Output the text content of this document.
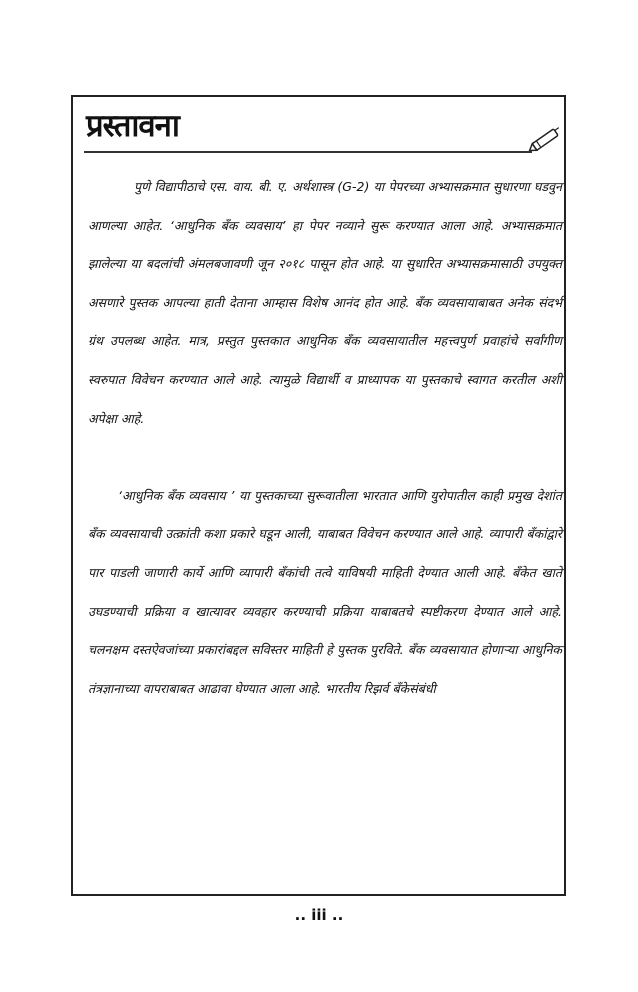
प्रस्तावना

पुणे विद्यापीठाचे एस. वाय. बी. ए. अर्थशास्त्र (G-2) या पेपरच्या अभ्यासक्रमात सुधारणा घडवुन आणल्या आहेत. ‘आधुनिक बँक व्यवसाय’ हा पेपर नव्याने सुरू करण्यात आला आहे. अभ्यासक्रमात झालेल्या या बदलांची अंमलबजावणी जून २०१८ पासून होत आहे. या सुधारित अभ्यासक्रमासाठी उपयुक्त असणारे पुस्तक आपल्या हाती देताना आम्हास विशेष आनंद होत आहे. बँक व्यवसायाबाबत अनेक संदर्भ ग्रंथ उपलब्ध आहेत. मात्र, प्रस्तुत पुस्तकात आधुनिक बँक व्यवसायातील महत्त्वपुर्ण प्रवाहांचे सर्वांगीण स्वरुपात विवेचन करण्यात आले आहे. त्यामुळे विद्यार्थी व प्राध्यापक या पुस्तकाचे स्वागत करतील अशी अपेक्षा आहे.

‘आधुनिक बँक व्यवसाय ’ या पुस्तकाच्या सुरूवातीला भारतात आणि युरोपातील काही प्रमुख देशांत बँक व्यवसायाची उत्क्रांती कशा प्रकारे घडून आली, याबाबत विवेचन करण्यात आले आहे. व्यापारी बँकांद्वारे पार पाडली जाणारी कार्ये आणि व्यापारी बँकांची तत्वे याविषयी माहिती देण्यात आली आहे. बँकेत खाते उघडण्याची प्रक्रिया व खात्यावर व्यवहार करण्याची प्रक्रिया याबाबतचे स्पष्टीकरण देण्यात आले आहे. चलनक्षम दस्तऐवजांच्या प्रकारांबद्दल सविस्तर माहिती हे पुस्तक पुरविते. बँक व्यवसायात होणाऱ्या आधुनिक तंत्रज्ञानाच्या वापराबाबत आढावा घेण्यात आला आहे. भारतीय रिझर्व बँकेसंबंधी

.. iii ..
